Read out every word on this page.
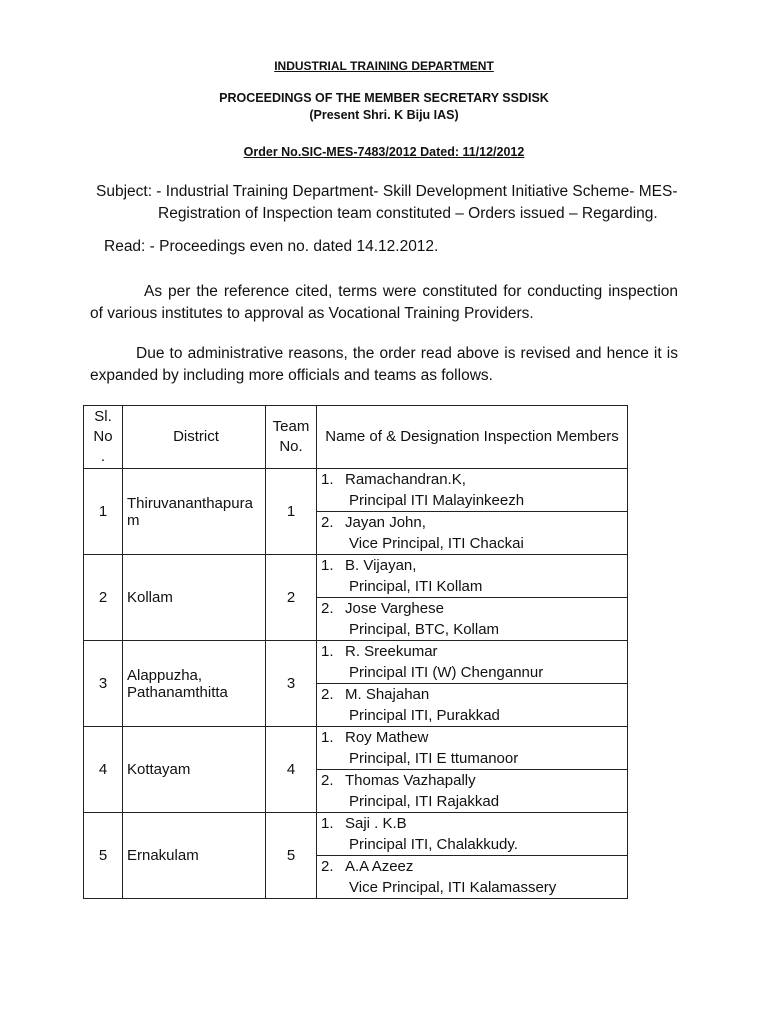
INDUSTRIAL TRAINING DEPARTMENT
PROCEEDINGS OF THE MEMBER SECRETARY SSDISK
(Present Shri. K Biju IAS)
Order No.SIC-MES-7483/2012 Dated: 11/12/2012
Subject: - Industrial Training Department- Skill Development Initiative Scheme- MES-
Registration of Inspection team constituted – Orders issued – Regarding.
Read: - Proceedings even no. dated 14.12.2012.
As per the reference cited, terms were constituted for conducting inspection of various institutes to approval as Vocational Training Providers.
Due to administrative reasons, the order read above is revised and hence it is expanded by including more officials and teams as follows.
Sl. No .	District	Team No.	Name of & Designation Inspection Members
1	Thiruvananthapura m	1	1. Ramachandran.K,
Principal ITI Malayinkeezh

			2. Jayan John,
Vice Principal, ITI Chackai

2	Kollam	2	1. B. Vijayan,
Principal, ITI Kollam

			2. Jose Varghese
Principal, BTC, Kollam

3	Alappuzha, Pathanamthitta	3	1. R. Sreekumar
Principal ITI (W) Chengannur

			2. M. Shajahan
Principal ITI, Purakkad

4	Kottayam	4	1. Roy Mathew
Principal, ITI E ttumanoor

			2. Thomas Vazhapally
Principal, ITI Rajakkad

5	Ernakulam	5	1. Saji . K.B
Principal ITI, Chalakkudy.

			2. A.A Azeez
Vice Principal, ITI Kalamassery
